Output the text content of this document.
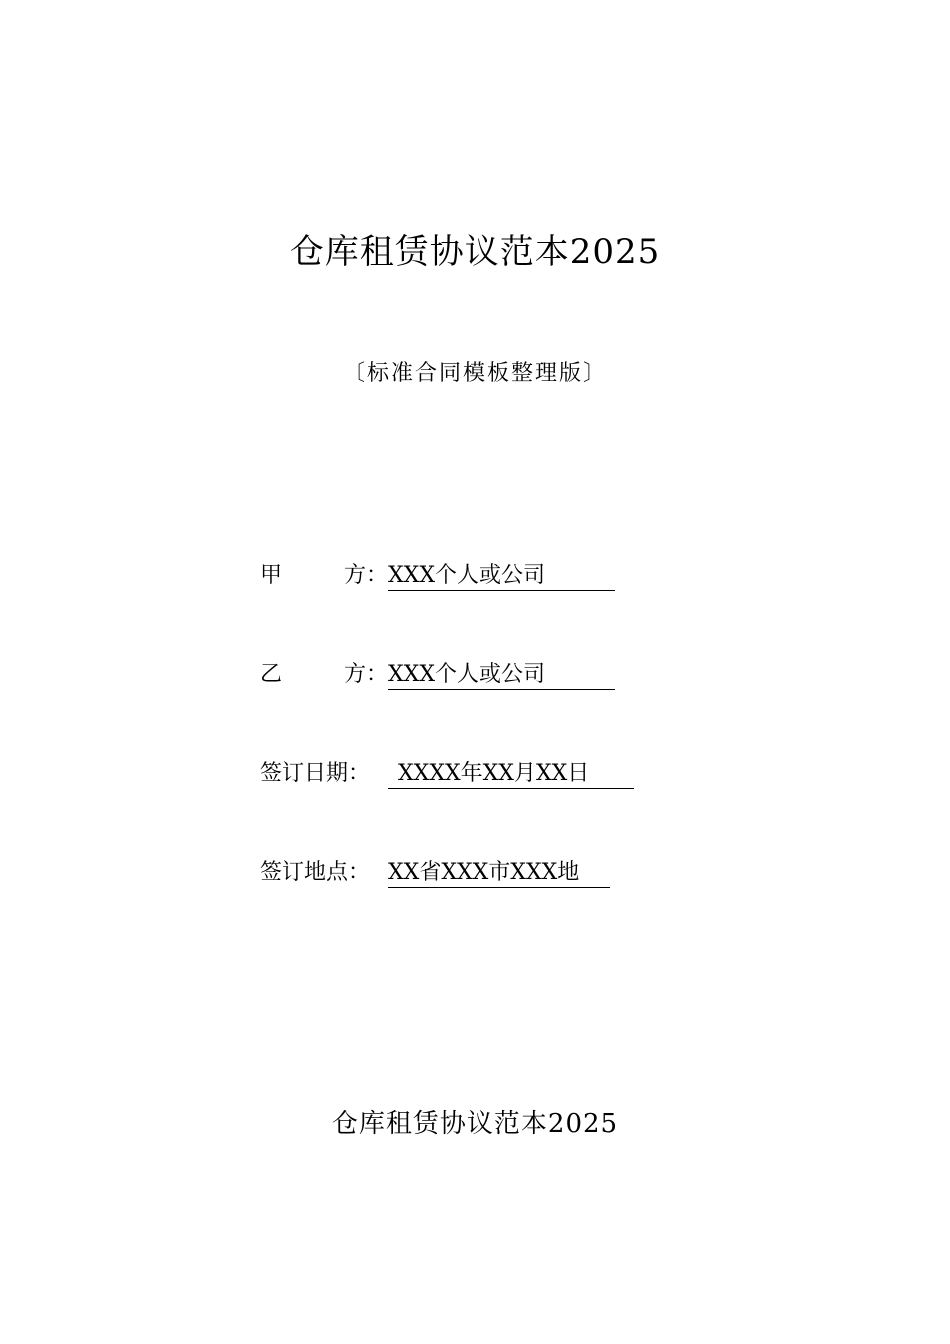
仓库租赁协议范本2025
〔标准合同模板整理版〕
甲	方： XXX个人或公司
乙	方： XXX个人或公司
签订日期：	XXXX年XX月XX日
签订地点： XX省XXX市XXX地
仓库租赁协议范本2025
